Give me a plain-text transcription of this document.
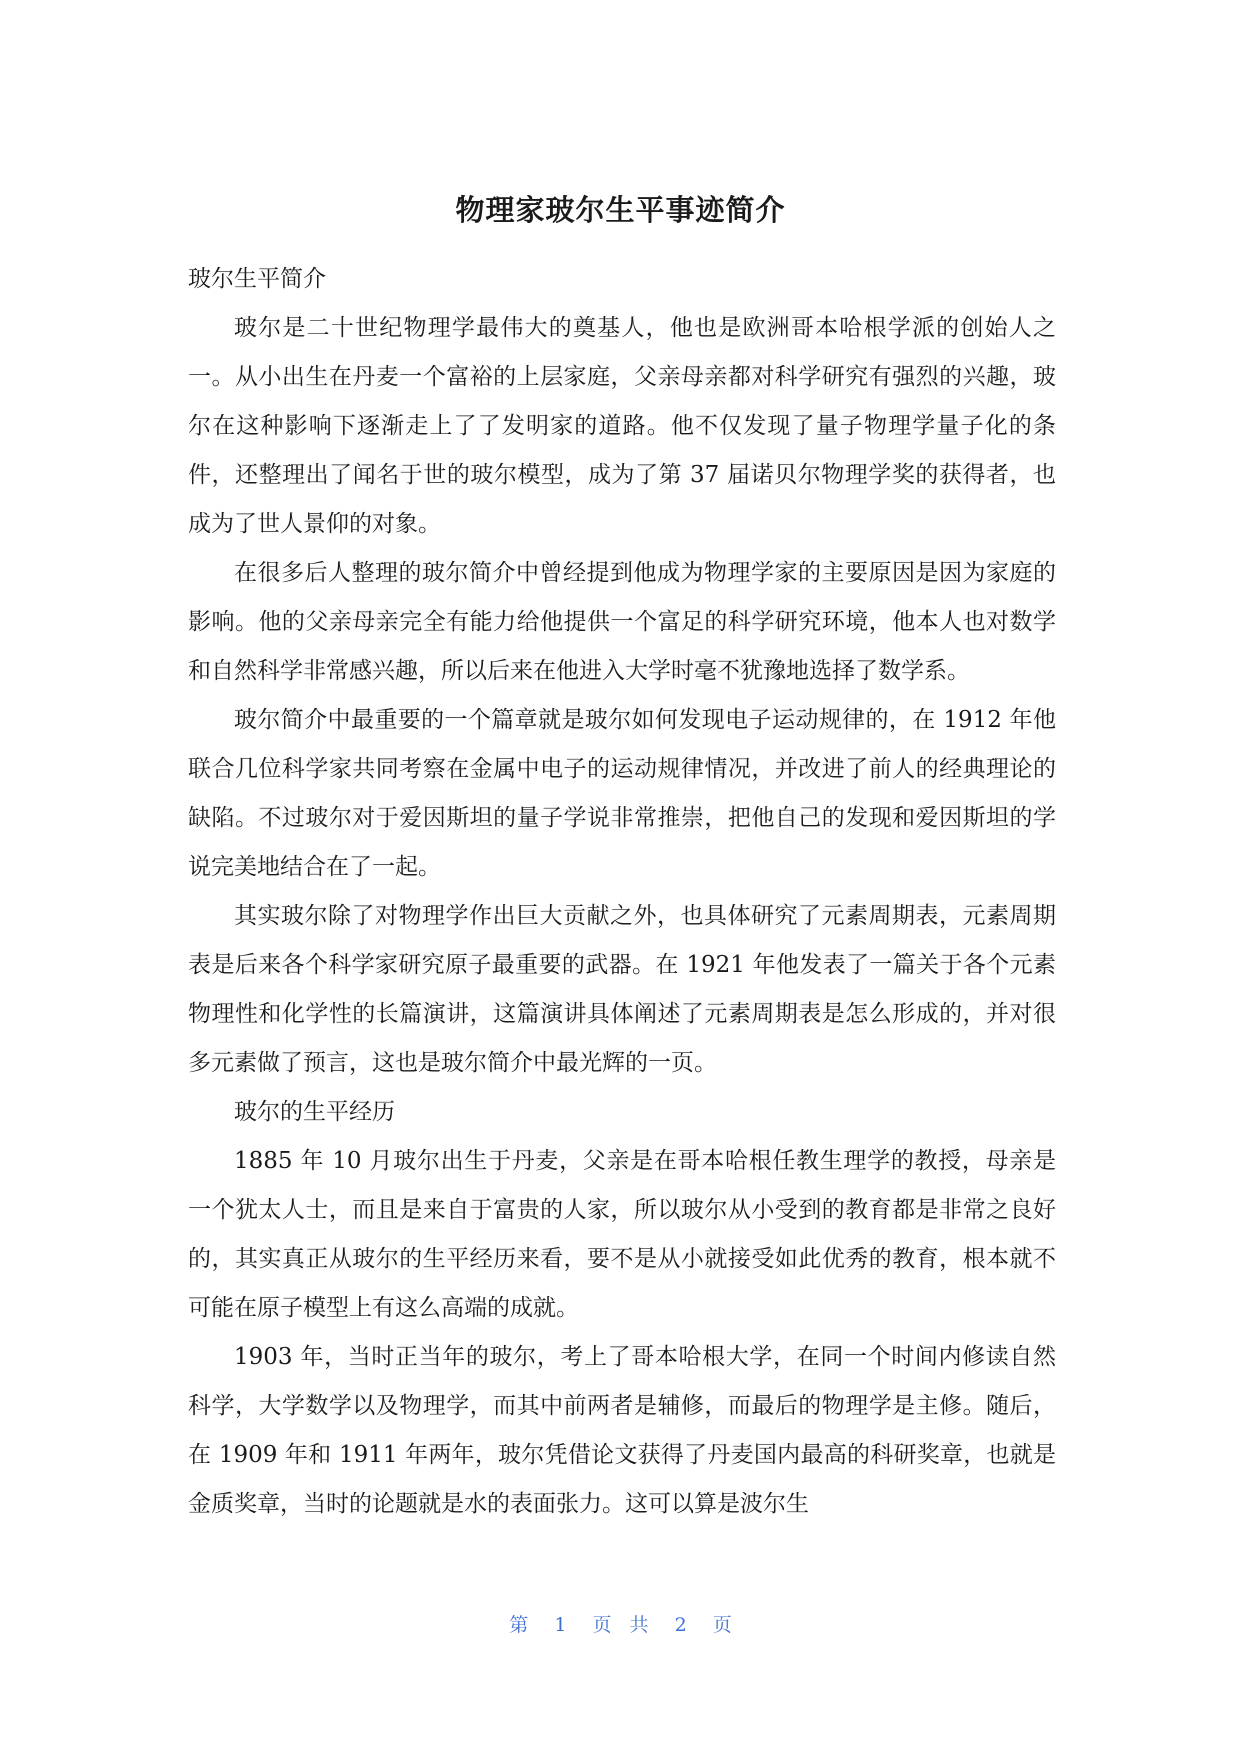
物理家玻尔生平事迹简介

玻尔生平简介

玻尔是二十世纪物理学最伟大的奠基人，他也是欧洲哥本哈根学派的创始人之一。从小出生在丹麦一个富裕的上层家庭，父亲母亲都对科学研究有强烈的兴趣，玻尔在这种影响下逐渐走上了了发明家的道路。他不仅发现了量子物理学量子化的条件，还整理出了闻名于世的玻尔模型，成为了第 37 届诺贝尔物理学奖的获得者，也成为了世人景仰的对象。

在很多后人整理的玻尔简介中曾经提到他成为物理学家的主要原因是因为家庭的影响。他的父亲母亲完全有能力给他提供一个富足的科学研究环境，他本人也对数学和自然科学非常感兴趣，所以后来在他进入大学时毫不犹豫地选择了数学系。

玻尔简介中最重要的一个篇章就是玻尔如何发现电子运动规律的，在 1912 年他联合几位科学家共同考察在金属中电子的运动规律情况，并改进了前人的经典理论的缺陷。不过玻尔对于爱因斯坦的量子学说非常推崇，把他自己的发现和爱因斯坦的学说完美地结合在了一起。

其实玻尔除了对物理学作出巨大贡献之外，也具体研究了元素周期表，元素周期表是后来各个科学家研究原子最重要的武器。在 1921 年他发表了一篇关于各个元素物理性和化学性的长篇演讲，这篇演讲具体阐述了元素周期表是怎么形成的，并对很多元素做了预言，这也是玻尔简介中最光辉的一页。

玻尔的生平经历

1885 年 10 月玻尔出生于丹麦，父亲是在哥本哈根任教生理学的教授，母亲是一个犹太人士，而且是来自于富贵的人家，所以玻尔从小受到的教育都是非常之良好的，其实真正从玻尔的生平经历来看，要不是从小就接受如此优秀的教育，根本就不可能在原子模型上有这么高端的成就。

1903 年，当时正当年的玻尔，考上了哥本哈根大学，在同一个时间内修读自然科学，大学数学以及物理学，而其中前两者是辅修，而最后的物理学是主修。随后，在 1909 年和 1911 年两年，玻尔凭借论文获得了丹麦国内最高的科研奖章，也就是金质奖章，当时的论题就是水的表面张力。这可以算是波尔生

第 1 页 共 2 页
